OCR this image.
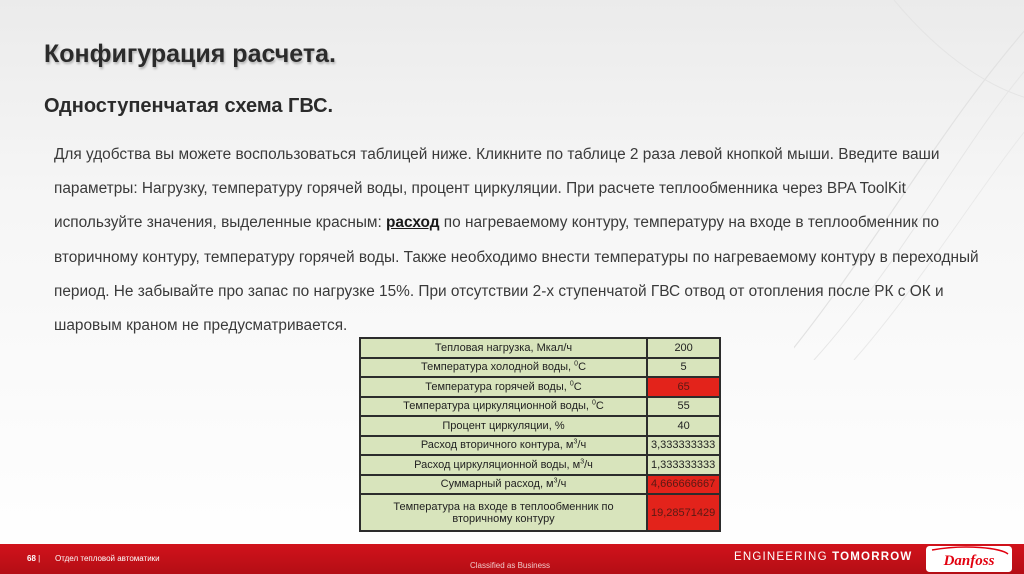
Конфигурация расчета.
Одноступенчатая схема ГВС.

Для удобства вы можете воспользоваться таблицей ниже. Кликните по таблице 2 раза левой кнопкой мыши. Введите ваши параметры: Нагрузку, температуру горячей воды, процент циркуляции. При расчете теплообменника через BPA ToolKit используйте значения, выделенные красным: расход по нагреваемому контуру, температуру на входе в теплообменник по вторичному контуру, температуру горячей воды. Также необходимо внести температуры по нагреваемому контуру в переходный период. Не забывайте про запас по нагрузке 15%. При отсутствии 2-х ступенчатой ГВС отвод от отопления после РК с ОК и шаровым краном не предусматривается.

Тепловая нагрузка, Мкал/ч	200
Температура холодной воды, $^0$C	5
Температура горячей воды, $^0$C	65
Температура циркуляционной воды, $^0$C	55
Процент циркуляции, %	40
Расход вторичного контура, $м^3/ч$	3,333333333
Расход циркуляционной воды, $м^3/ч$	1,333333333
Суммарный расход, $м^3/ч$	4,666666667
Температура на входе в теплообменник по вторичному контуру	19,28571429
68 | Отдел тепловой автоматики
Classified as Business
ENGINEERING TOMORROW Danfoss
